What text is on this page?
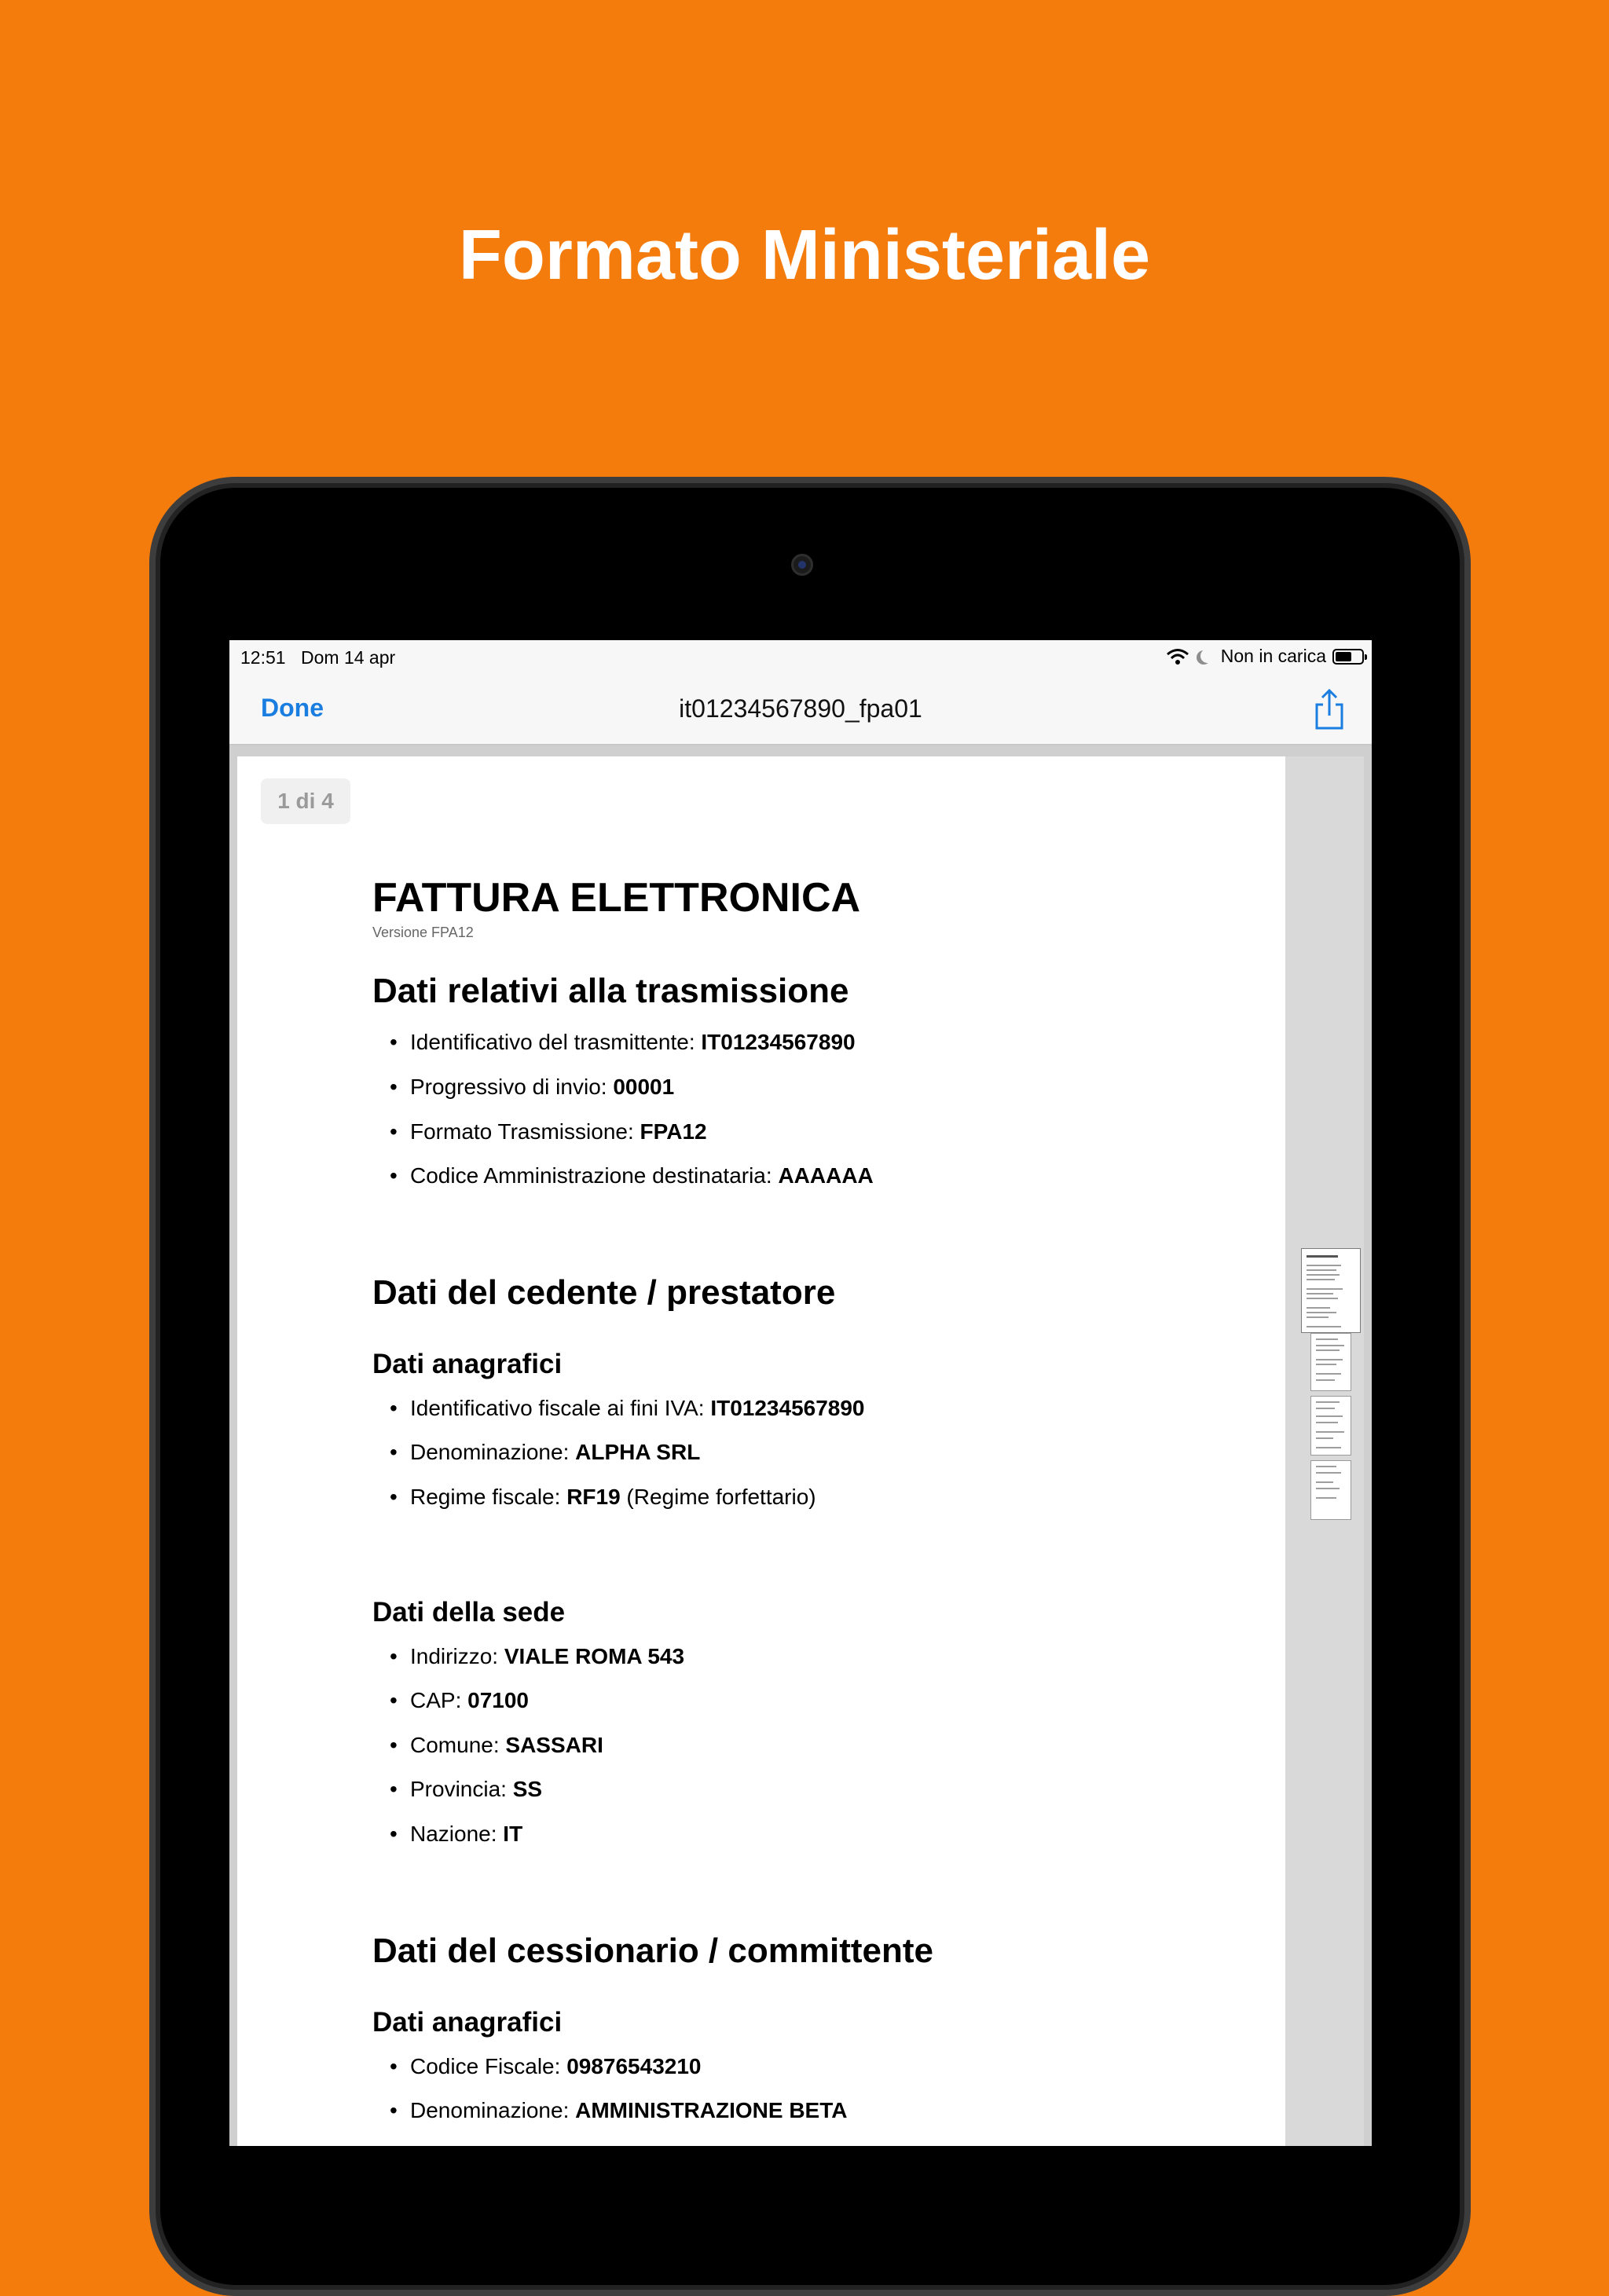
Formato Ministeriale
12:51 Dom 14 apr	Non in carica
Done	it01234567890_fpa01
1 di 4
FATTURA ELETTRONICA
Versione FPA12
Dati relativi alla trasmissione
• Identificativo del trasmittente: IT01234567890
• Progressivo di invio: 00001
• Formato Trasmissione: FPA12
• Codice Amministrazione destinataria: AAAAAA
Dati del cedente / prestatore
Dati anagrafici
• Identificativo fiscale ai fini IVA: IT01234567890
• Denominazione: ALPHA SRL
• Regime fiscale: RF19 (Regime forfettario)
Dati della sede
• Indirizzo: VIALE ROMA 543
• CAP: 07100
• Comune: SASSARI
• Provincia: SS
• Nazione: IT
Dati del cessionario / committente
Dati anagrafici
• Codice Fiscale: 09876543210
• Denominazione: AMMINISTRAZIONE BETA
